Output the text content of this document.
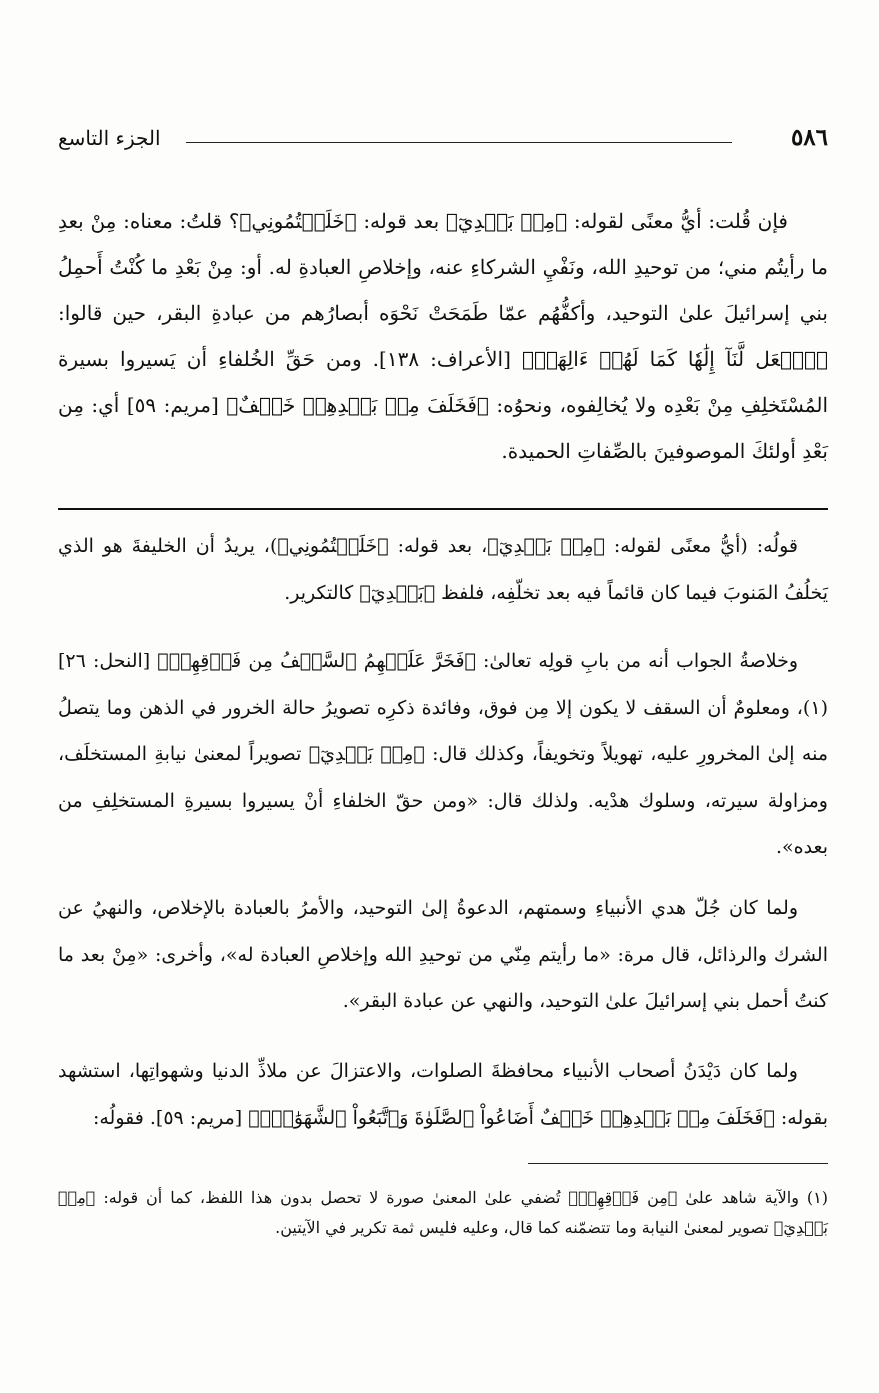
٥٨٦
الجزء التاسع

فإن قُلت: أيُّ معنًى لقوله: ﴿مِنۢ بَعۡدِيٓ﴾ بعد قوله: ﴿خَلَفۡتُمُونِي﴾؟ قلتُ: معناه: مِنْ بعدِ ما رأيتُم مني؛ من توحيدِ الله، ونَفْيِ الشركاءِ عنه، وإخلاصِ العبادةِ له. أو: مِنْ بَعْدِ ما كُنْتُ أَحمِلُ بني إسرائيلَ علىٰ التوحيد، وأكفُّهُم عمّا طَمَحَتْ نَحْوَه أبصارُهم من عبادةِ البقر، حين قالوا: ﴿ٱجۡعَل لَّنَآ إِلَٰهٗا كَمَا لَهُمۡ ءَالِهَةٞ﴾ [الأعراف: ١٣٨]. ومن حَقِّ الخُلفاءِ أن يَسيروا بسيرة المُسْتَخلِفِ مِنْ بَعْدِه ولا يُخالِفوه، ونحوُه: ﴿فَخَلَفَ مِنۢ بَعۡدِهِمۡ خَلۡفٌ﴾ [مريم: ٥٩] أي: مِن بَعْدِ أولئكَ الموصوفينَ بالصِّفاتِ الحميدة.

قولُه: (أيُّ معنًى لقوله: ﴿مِنۢ بَعۡدِيٓ﴾، بعد قوله: ﴿خَلَفۡتُمُونِي﴾)، يريدُ أن الخليفةَ هو الذي يَخلُفُ المَنوبَ فيما كان قائماً فيه بعد تخلّفِه، فلفظ ﴿بَعۡدِيٓ﴾ كالتكرير.

وخلاصةُ الجواب أنه من بابِ قولِه تعالىٰ: ﴿فَخَرَّ عَلَيۡهِمُ ٱلسَّقۡفُ مِن فَوۡقِهِمۡ﴾ [النحل: ٢٦](١)، ومعلومٌ أن السقف لا يكون إلا مِن فوق، وفائدة ذكرِه تصويرُ حالة الخرور في الذهن وما يتصلُ منه إلىٰ المخرورِ عليه، تهويلاً وتخويفاً، وكذلك قال: ﴿مِنۢ بَعۡدِيٓ﴾ تصويراً لمعنىٰ نيابةِ المستخلَف، ومزاولة سيرته، وسلوك هدْيه. ولذلك قال: «ومن حقّ الخلفاءِ أنْ يسيروا بسيرةِ المستخلِفِ من بعده».

ولما كان جُلّ هدي الأنبياءِ وسمتهم، الدعوةُ إلىٰ التوحيد، والأمرُ بالعبادة بالإخلاص، والنهيُ عن الشرك والرذائل، قال مرة: «ما رأيتم مِنّي من توحيدِ الله وإخلاصِ العبادة له»، وأخرى: «مِنْ بعد ما كنتُ أحمل بني إسرائيلَ علىٰ التوحيد، والنهي عن عبادة البقر».

ولما كان دَيْدَنُ أصحاب الأنبياء محافظةَ الصلوات، والاعتزالَ عن ملاذِّ الدنيا وشهواتِها، استشهد بقوله: ﴿فَخَلَفَ مِنۢ بَعۡدِهِمۡ خَلۡفٌ أَضَاعُواْ ٱلصَّلَوٰةَ وَٱتَّبَعُواْ ٱلشَّهَوَٰتِۖ﴾ [مريم: ٥٩]. فقولُه:

(١) والآية شاهد علىٰ ﴿مِن فَوۡقِهِمۡ﴾ تُضفي علىٰ المعنىٰ صورة لا تحصل بدون هذا اللفظ، كما أن قوله: ﴿مِنۢ بَعۡدِيٓ﴾ تصوير لمعنىٰ النيابة وما تتضمّنه كما قال، وعليه فليس ثمة تكرير في الآيتين.
